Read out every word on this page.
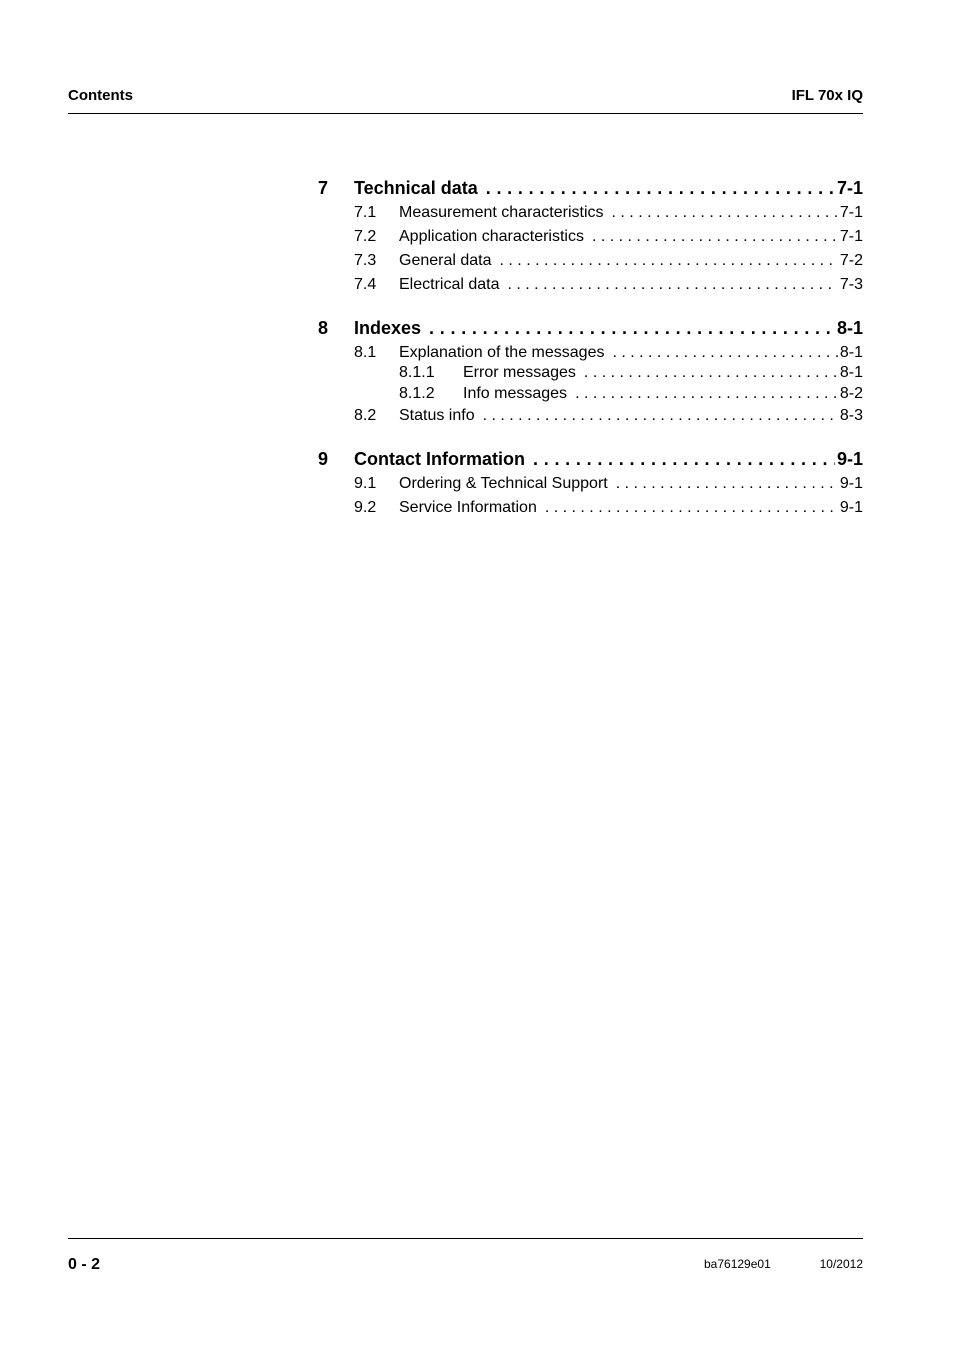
Contents	IFL 70x IQ
7	Technical data . . .	7-1
7.1	Measurement characteristics . . .	7-1
7.2	Application characteristics . . .	7-1
7.3	General data . . .	7-2
7.4	Electrical data . . .	7-3
8	Indexes . . .	8-1
8.1	Explanation of the messages . . .	8-1
8.1.1	Error messages . . .	8-1
8.1.2	Info messages . . .	8-2
8.2	Status info . . .	8-3
9	Contact Information . . .	9-1
9.1	Ordering & Technical Support . . .	9-1
9.2	Service Information . . .	9-1
0 - 2	ba76129e01	10/2012
